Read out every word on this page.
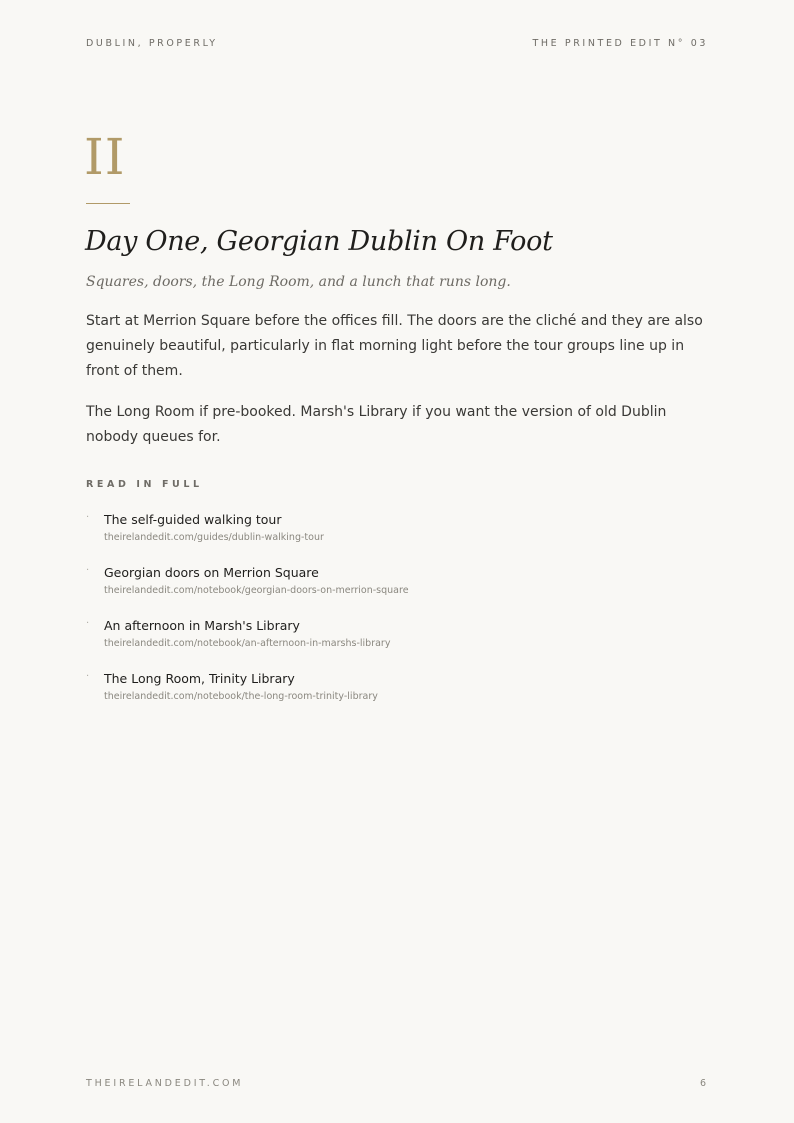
DUBLIN, PROPERLY	THE PRINTED EDIT N° 03
II
Day One, Georgian Dublin On Foot

Squares, doors, the Long Room, and a lunch that runs long.

Start at Merrion Square before the offices fill. The doors are the cliché and they are also genuinely beautiful, particularly in flat morning light before the tour groups line up in front of them.

The Long Room if pre-booked. Marsh's Library if you want the version of old Dublin nobody queues for.

READ IN FULL
· The self-guided walking tour
theirelandedit.com/guides/dublin-walking-tour
· Georgian doors on Merrion Square
theirelandedit.com/notebook/georgian-doors-on-merrion-square
· An afternoon in Marsh's Library
theirelandedit.com/notebook/an-afternoon-in-marshs-library
· The Long Room, Trinity Library
theirelandedit.com/notebook/the-long-room-trinity-library
THEIRELANDEDIT.COM	6
